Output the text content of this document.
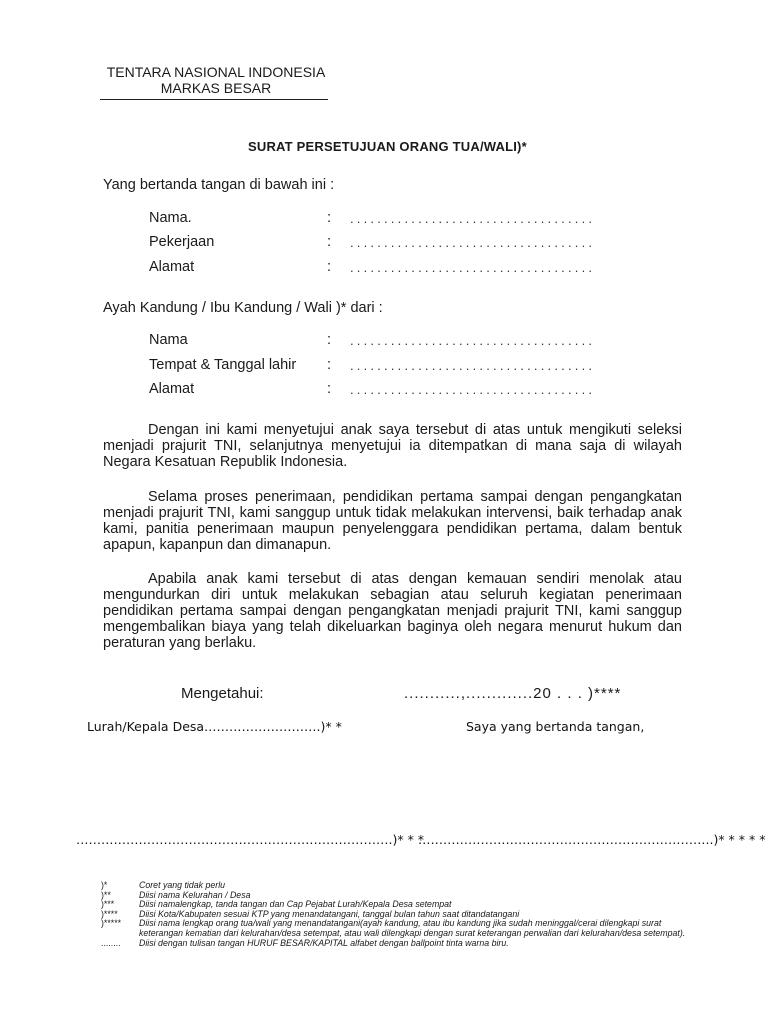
TENTARA NASIONAL INDONESIA
MARKAS BESAR
SURAT PERSETUJUAN ORANG TUA/WALI)*
Yang bertanda tangan di bawah ini :
Nama.	: ....................................
Pekerjaan	: ....................................
Alamat	: ....................................
Ayah Kandung / Ibu Kandung / Wali )* dari :
Nama	: ....................................
Tempat & Tanggal lahir : ....................................
Alamat	: ....................................
Dengan ini kami menyetujui anak saya tersebut di atas untuk mengikuti seleksi menjadi prajurit TNI, selanjutnya menyetujui ia ditempatkan di mana saja di wilayah Negara Kesatuan Republik Indonesia.
Selama proses penerimaan, pendidikan pertama sampai dengan pengangkatan menjadi prajurit TNI, kami sanggup untuk tidak melakukan intervensi, baik terhadap anak kami, panitia penerimaan maupun penyelenggara pendidikan pertama, dalam bentuk apapun, kapanpun dan dimanapun.
Apabila anak kami tersebut di atas dengan kemauan sendiri menolak atau mengundurkan diri untuk melakukan sebagian atau seluruh kegiatan penerimaan pendidikan pertama sampai dengan pengangkatan menjadi prajurit TNI, kami sanggup mengembalikan biaya yang telah dikeluarkan baginya oleh negara menurut hukum dan peraturan yang berlaku.
Mengetahui:	...........,.............20 . . . )****
Lurah/Kepala Desa……………………….)* *	Saya yang bertanda tangan,
………………………………………………………………….)* * *
……………………………………………………………..)* * * * *
)*	Coret yang tidak perlu
)**	Diisi nama Kelurahan / Desa
)***	Diisi namalengkap, tanda tangan dan Cap Pejabat Lurah/Kepala Desa setempat
)****	Diisi Kota/Kabupaten sesuai KTP yang menandatangani, tanggal bulan tahun saat ditandatangani
)*****	Diisi nama lengkap orang tua/wali yang menandatangani(ayah kandung, atau ibu kandung jika sudah meninggal/cerai dilengkapi surat keterangan kematian dari kelurahan/desa setempat, atau wali dilengkapi dengan surat keterangan perwalian dari kelurahan/desa setempat).
........	Diisi dengan tulisan tangan HURUF BESAR/KAPITAL alfabet dengan ballpoint tinta warna biru.
